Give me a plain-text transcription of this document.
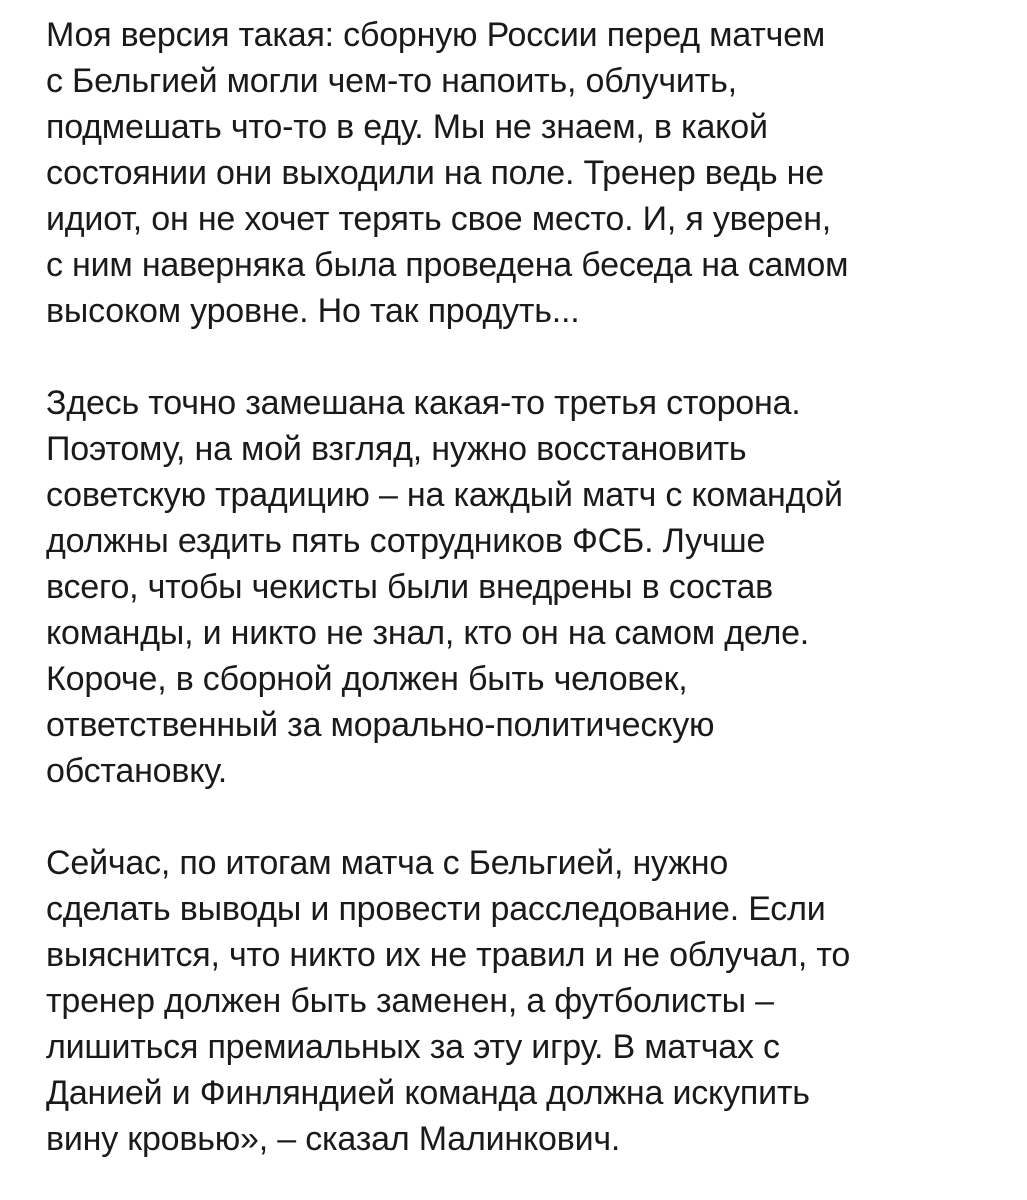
Моя версия такая: сборную России перед матчем
с Бельгией могли чем-то напоить, облучить,
подмешать что-то в еду. Мы не знаем, в какой
состоянии они выходили на поле. Тренер ведь не
идиот, он не хочет терять свое место. И, я уверен,
с ним наверняка была проведена беседа на самом
высоком уровне. Но так продуть...
Здесь точно замешана какая-то третья сторона.
Поэтому, на мой взгляд, нужно восстановить
советскую традицию – на каждый матч с командой
должны ездить пять сотрудников ФСБ. Лучше
всего, чтобы чекисты были внедрены в состав
команды, и никто не знал, кто он на самом деле.
Короче, в сборной должен быть человек,
ответственный за морально-политическую
обстановку.
Сейчас, по итогам матча с Бельгией, нужно
сделать выводы и провести расследование. Если
выяснится, что никто их не травил и не облучал, то
тренер должен быть заменен, а футболисты –
лишиться премиальных за эту игру. В матчах с
Данией и Финляндией команда должна искупить
вину кровью», – сказал Малинкович.
